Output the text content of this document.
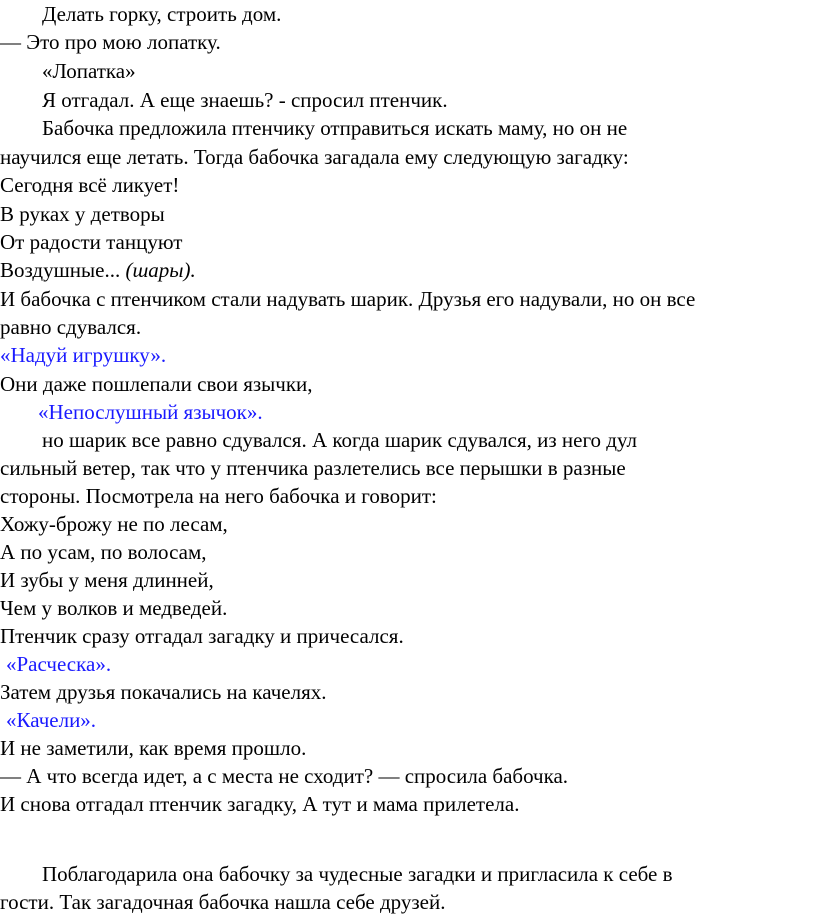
Делать горку, строить дом.
— Это про мою лопатку.
«Лопатка»
Я отгадал. А еще знаешь? - спросил птенчик.
Бабочка предложила птенчику отправиться искать маму, но он не
научился еще летать. Тогда бабочка загадала ему следующую загадку:
Сегодня всё ликует!
В руках у детворы
От радости танцуют
Воздушные... (шары).
И бабочка с птенчиком стали надувать шарик. Друзья его надували, но он все
равно сдувался.
«Надуй игрушку».
Они даже пошлепали свои язычки,
«Непослушный язычок».
но шарик все равно сдувался. А когда шарик сдувался, из него дул
сильный ветер, так что у птенчика разлетелись все перышки в разные
стороны. Посмотрела на него бабочка и говорит:
Хожу-брожу не по лесам,
А по усам, по волосам,
И зубы у меня длинней,
Чем у волков и медведей.
Птенчик сразу отгадал загадку и причесался.
«Расческа».
Затем друзья покачались на качелях.
«Качели».
И не заметили, как время прошло.
— А что всегда идет, а с места не сходит? — спросила бабочка.
И снова отгадал птенчик загадку, А тут и мама прилетела.
Поблагодарила она бабочку за чудесные загадки и пригласила к себе в
гости. Так загадочная бабочка нашла себе друзей.
